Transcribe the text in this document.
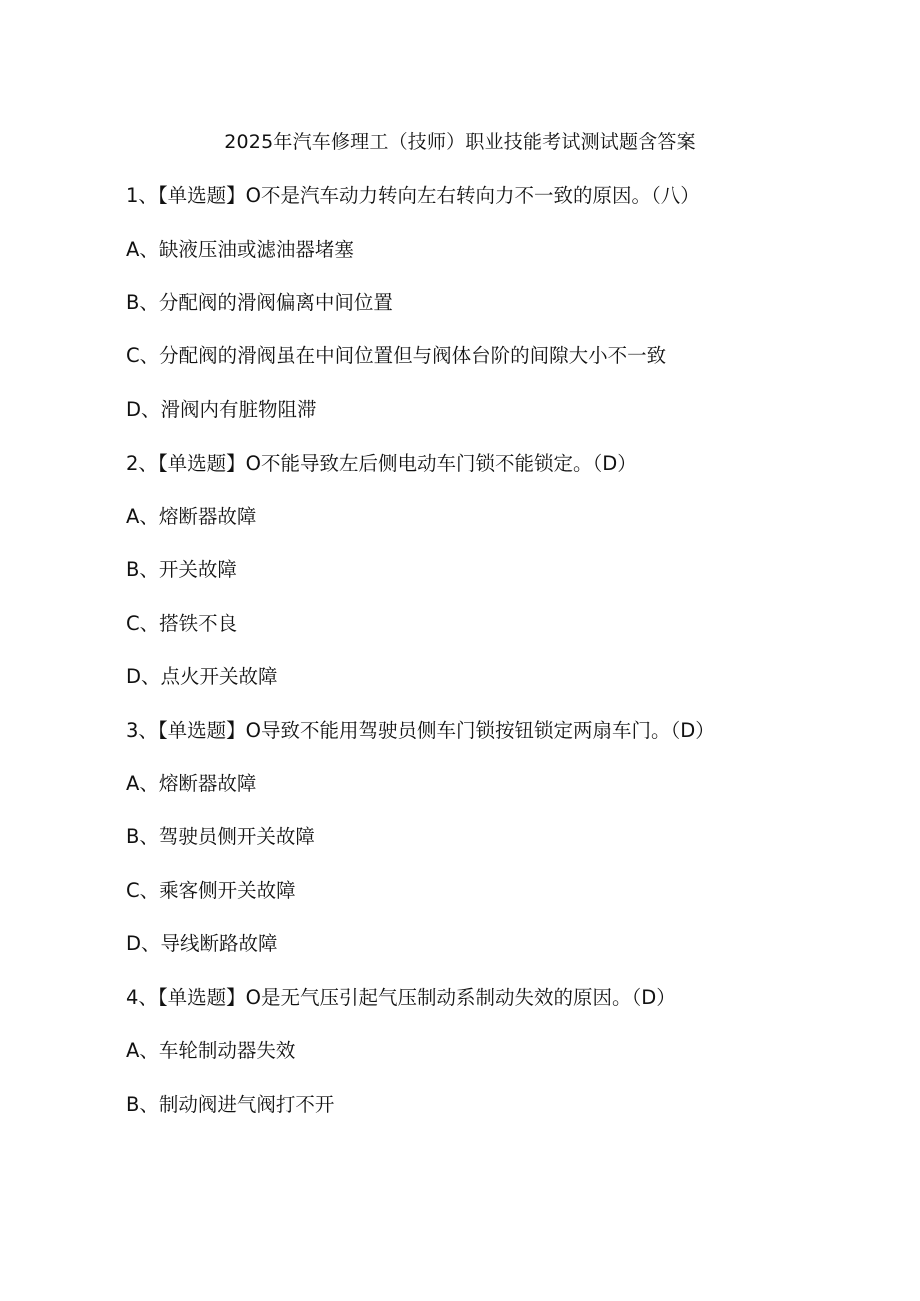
2025年汽车修理工（技师）职业技能考试测试题含答案
1、【单选题】O不是汽车动力转向左右转向力不一致的原因。（八）
A、缺液压油或滤油器堵塞
B、分配阀的滑阀偏离中间位置
C、分配阀的滑阀虽在中间位置但与阀体台阶的间隙大小不一致
D、滑阀内有脏物阻滞
2、【单选题】O不能导致左后侧电动车门锁不能锁定。（D）
A、熔断器故障
B、开关故障
C、搭铁不良
D、点火开关故障
3、【单选题】O导致不能用驾驶员侧车门锁按钮锁定两扇车门。（D）
A、熔断器故障
B、驾驶员侧开关故障
C、乘客侧开关故障
D、导线断路故障
4、【单选题】O是无气压引起气压制动系制动失效的原因。（D）
A、车轮制动器失效
B、制动阀进气阀打不开
